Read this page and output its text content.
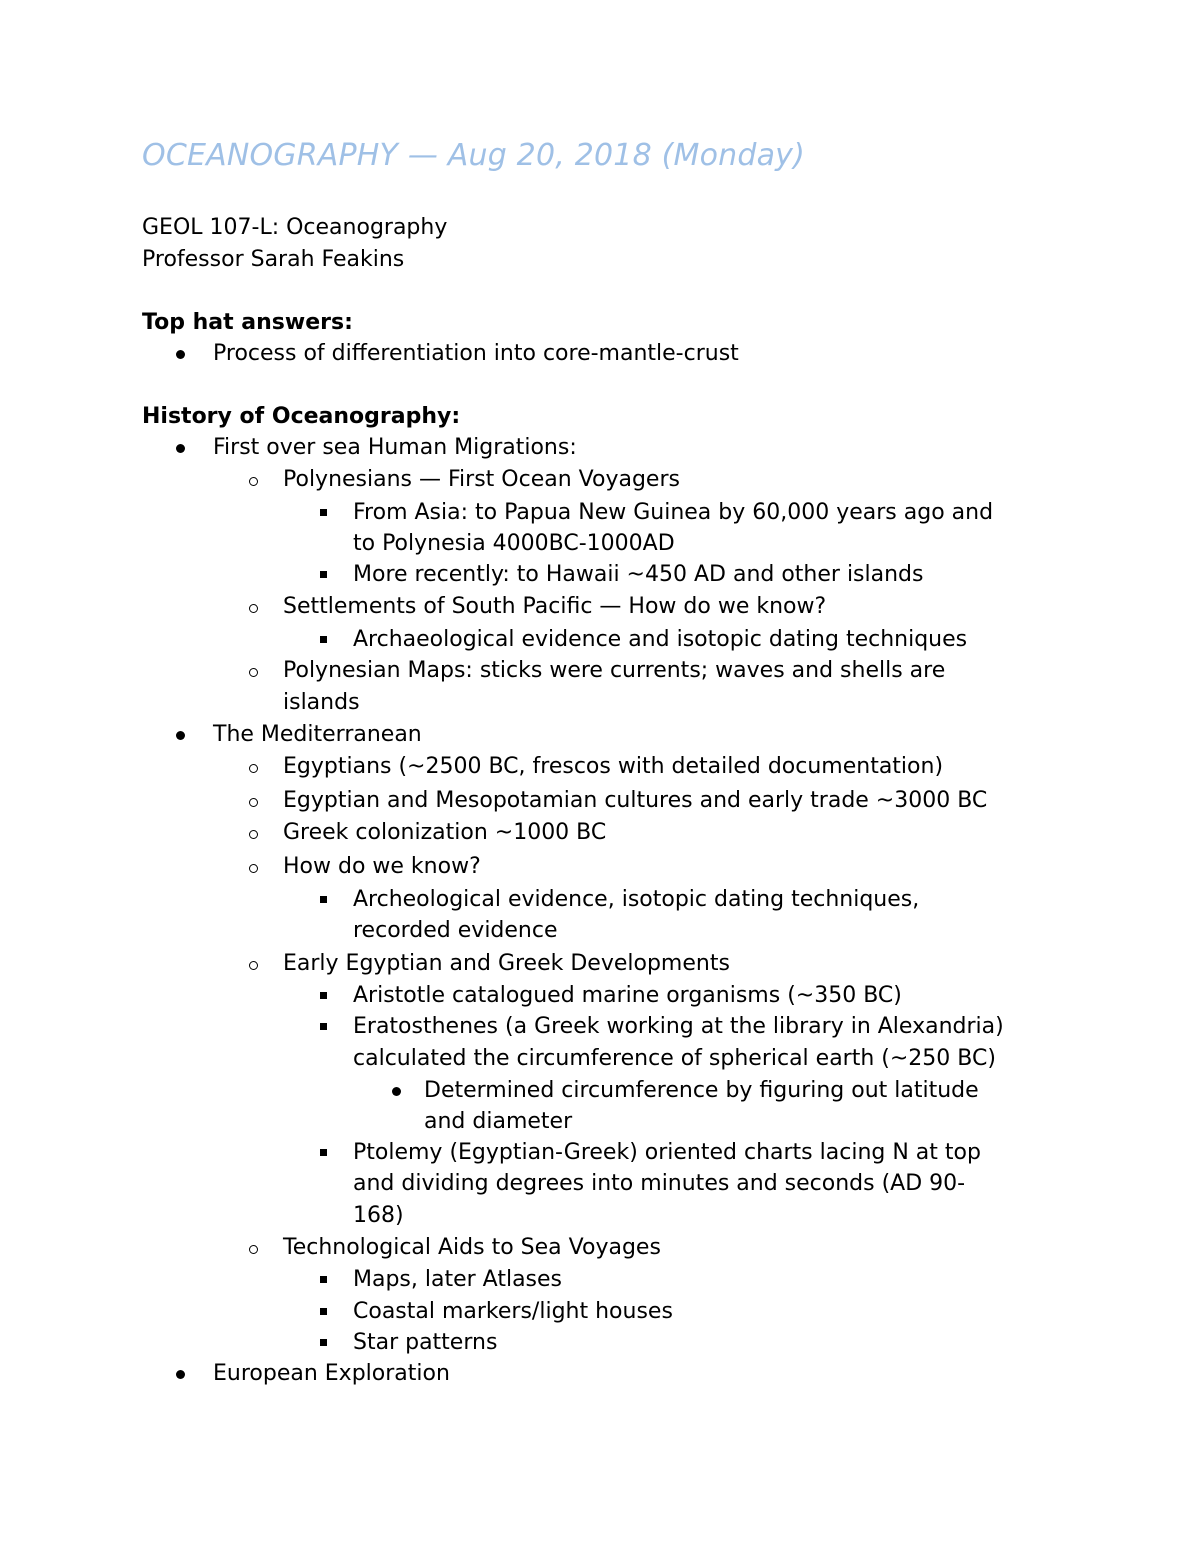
OCEANOGRAPHY — Aug 20, 2018 (Monday)
GEOL 107-L: Oceanography
Professor Sarah Feakins
Top hat answers:
Process of differentiation into core-mantle-crust
History of Oceanography:
First over sea Human Migrations:
Polynesians — First Ocean Voyagers
From Asia: to Papua New Guinea by 60,000 years ago and
to Polynesia 4000BC-1000AD
More recently: to Hawaii ~450 AD and other islands
Settlements of South Pacific — How do we know?
Archaeological evidence and isotopic dating techniques
Polynesian Maps: sticks were currents; waves and shells are
islands
The Mediterranean
Egyptians (~2500 BC, frescos with detailed documentation)
Egyptian and Mesopotamian cultures and early trade ~3000 BC
Greek colonization ~1000 BC
How do we know?
Archeological evidence, isotopic dating techniques,
recorded evidence
Early Egyptian and Greek Developments
Aristotle catalogued marine organisms (~350 BC)
Eratosthenes (a Greek working at the library in Alexandria)
calculated the circumference of spherical earth (~250 BC)
Determined circumference by figuring out latitude
and diameter
Ptolemy (Egyptian-Greek) oriented charts lacing N at top
and dividing degrees into minutes and seconds (AD 90-
168)
Technological Aids to Sea Voyages
Maps, later Atlases
Coastal markers/light houses
Star patterns
European Exploration
